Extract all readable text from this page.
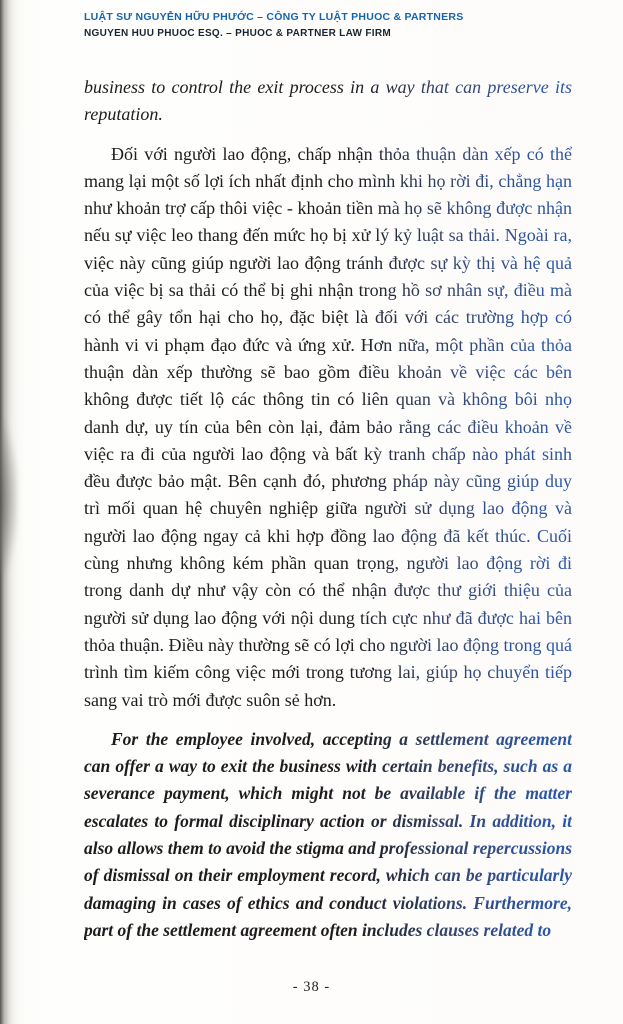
LUẬT SƯ NGUYỄN HỮU PHƯỚC – CÔNG TY LUẬT PHUOC & PARTNERS
NGUYEN HUU PHUOC ESQ. – PHUOC & PARTNER LAW FIRM

business to control the exit process in a way that can preserve its reputation.

Đối với người lao động, chấp nhận thỏa thuận dàn xếp có thể mang lại một số lợi ích nhất định cho mình khi họ rời đi, chẳng hạn như khoản trợ cấp thôi việc - khoản tiền mà họ sẽ không được nhận nếu sự việc leo thang đến mức họ bị xử lý kỷ luật sa thải. Ngoài ra, việc này cũng giúp người lao động tránh được sự kỳ thị và hệ quả của việc bị sa thải có thể bị ghi nhận trong hồ sơ nhân sự, điều mà có thể gây tổn hại cho họ, đặc biệt là đối với các trường hợp có hành vi vi phạm đạo đức và ứng xử. Hơn nữa, một phần của thỏa thuận dàn xếp thường sẽ bao gồm điều khoản về việc các bên không được tiết lộ các thông tin có liên quan và không bôi nhọ danh dự, uy tín của bên còn lại, đảm bảo rằng các điều khoản về việc ra đi của người lao động và bất kỳ tranh chấp nào phát sinh đều được bảo mật. Bên cạnh đó, phương pháp này cũng giúp duy trì mối quan hệ chuyên nghiệp giữa người sử dụng lao động và người lao động ngay cả khi hợp đồng lao động đã kết thúc. Cuối cùng nhưng không kém phần quan trọng, người lao động rời đi trong danh dự như vậy còn có thể nhận được thư giới thiệu của người sử dụng lao động với nội dung tích cực như đã được hai bên thỏa thuận. Điều này thường sẽ có lợi cho người lao động trong quá trình tìm kiếm công việc mới trong tương lai, giúp họ chuyển tiếp sang vai trò mới được suôn sẻ hơn.

For the employee involved, accepting a settlement agreement can offer a way to exit the business with certain benefits, such as a severance payment, which might not be available if the matter escalates to formal disciplinary action or dismissal. In addition, it also allows them to avoid the stigma and professional repercussions of dismissal on their employment record, which can be particularly damaging in cases of ethics and conduct violations. Furthermore, part of the settlement agreement often includes clauses related to

- 38 -
